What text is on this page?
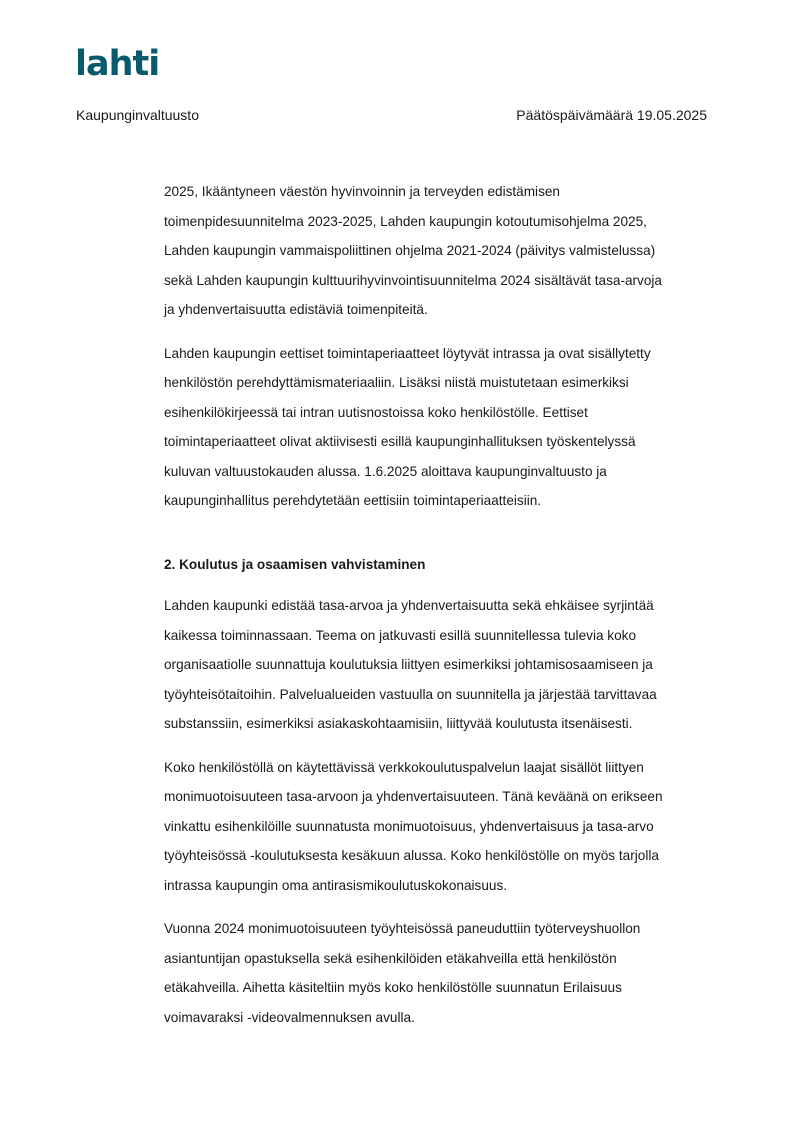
lahti
Kaupunginvaltuusto	Päätöspäivämäärä 19.05.2025

2025, Ikääntyneen väestön hyvinvoinnin ja terveyden edistämisen
toimenpidesuunnitelma 2023-2025, Lahden kaupungin kotoutumisohjelma 2025,
Lahden kaupungin vammaispoliittinen ohjelma 2021-2024 (päivitys valmistelussa)
sekä Lahden kaupungin kulttuurihyvinvointisuunnitelma 2024 sisältävät tasa-arvoja
ja yhdenvertaisuutta edistäviä toimenpiteitä.

Lahden kaupungin eettiset toimintaperiaatteet löytyvät intrassa ja ovat sisällytetty
henkilöstön perehdyttämismateriaaliin. Lisäksi niistä muistutetaan esimerkiksi
esihenkilökirjeessä tai intran uutisnostoissa koko henkilöstölle. Eettiset
toimintaperiaatteet olivat aktiivisesti esillä kaupunginhallituksen työskentelyssä
kuluvan valtuustokauden alussa. 1.6.2025 aloittava kaupunginvaltuusto ja
kaupunginhallitus perehdytetään eettisiin toimintaperiaatteisiin.

2. Koulutus ja osaamisen vahvistaminen

Lahden kaupunki edistää tasa-arvoa ja yhdenvertaisuutta sekä ehkäisee syrjintää
kaikessa toiminnassaan. Teema on jatkuvasti esillä suunnitellessa tulevia koko
organisaatiolle suunnattuja koulutuksia liittyen esimerkiksi johtamisosaamiseen ja
työyhteisötaitoihin. Palvelualueiden vastuulla on suunnitella ja järjestää tarvittavaa
substanssiin, esimerkiksi asiakaskohtaamisiin, liittyvää koulutusta itsenäisesti.

Koko henkilöstöllä on käytettävissä verkkokoulutuspalvelun laajat sisällöt liittyen
monimuotoisuuteen tasa-arvoon ja yhdenvertaisuuteen. Tänä keväänä on erikseen
vinkattu esihenkilöille suunnatusta monimuotoisuus, yhdenvertaisuus ja tasa-arvo
työyhteisössä -koulutuksesta kesäkuun alussa. Koko henkilöstölle on myös tarjolla
intrassa kaupungin oma antirasismikoulutuskokonaisuus.

Vuonna 2024 monimuotoisuuteen työyhteisössä paneuduttiin työterveyshuollon
asiantuntijan opastuksella sekä esihenkilöiden etäkahveilla että henkilöstön
etäkahveilla. Aihetta käsiteltiin myös koko henkilöstölle suunnatun Erilaisuus
voimavaraksi -videovalmennuksen avulla.
